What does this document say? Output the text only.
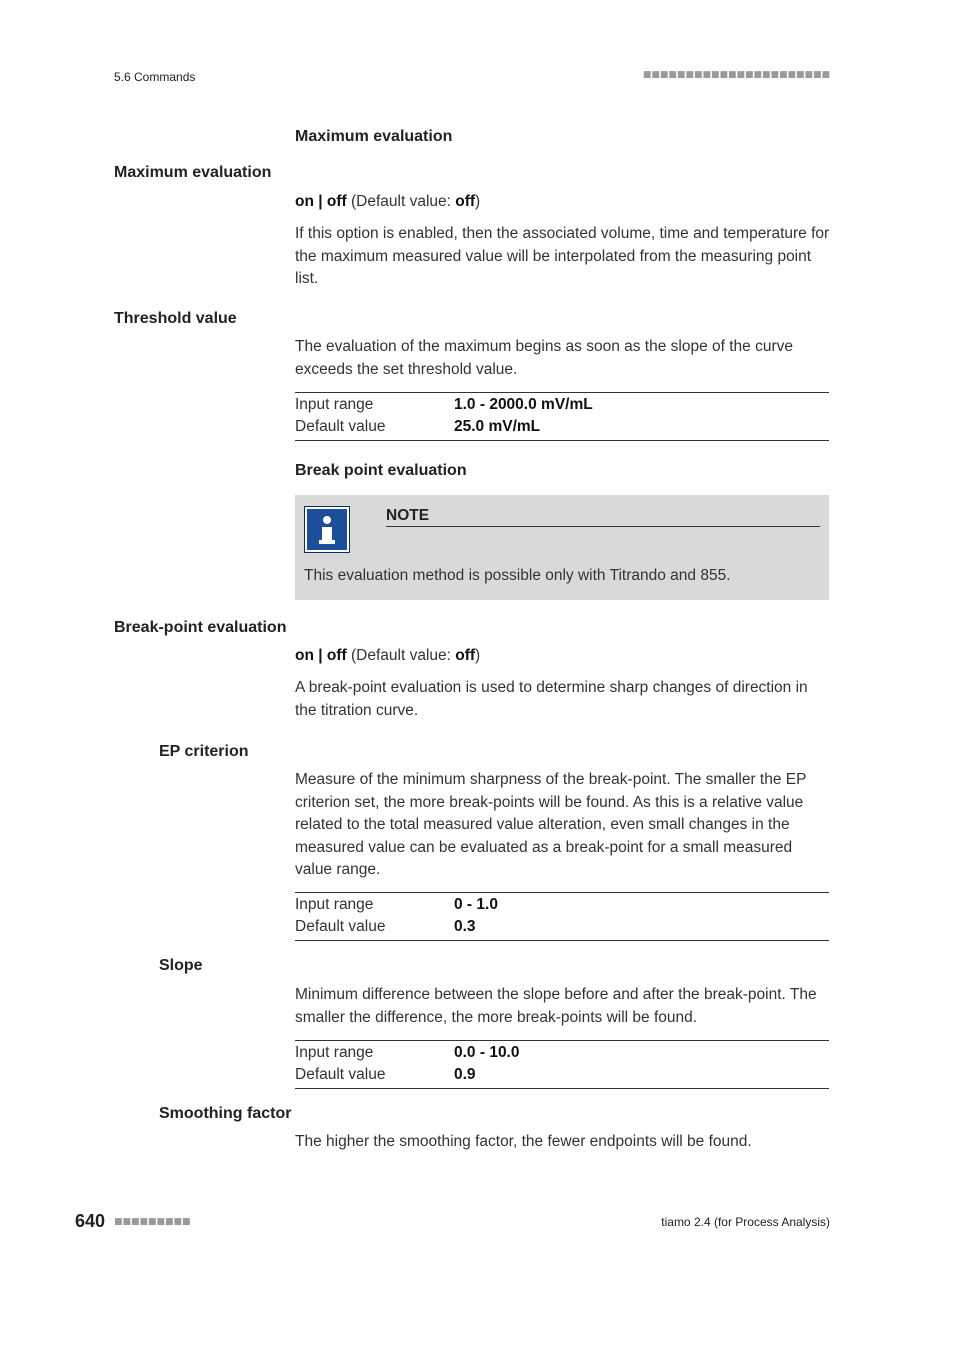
5.6 Commands	■■■■■■■■■■■■■■■■■■■■■■
Maximum evaluation
Maximum evaluation
on | off (Default value: off)
If this option is enabled, then the associated volume, time and temperature for the maximum measured value will be interpolated from the measuring point list.
Threshold value
The evaluation of the maximum begins as soon as the slope of the curve exceeds the set threshold value.
Input range	1.0 - 2000.0 mV/mL
Default value	25.0 mV/mL
Break point evaluation
NOTE
This evaluation method is possible only with Titrando and 855.
Break-point evaluation
on | off (Default value: off)
A break-point evaluation is used to determine sharp changes of direction in the titration curve.
EP criterion
Measure of the minimum sharpness of the break-point. The smaller the EP criterion set, the more break-points will be found. As this is a relative value related to the total measured value alteration, even small changes in the measured value can be evaluated as a break-point for a small measured value range.
Input range	0 - 1.0
Default value	0.3
Slope
Minimum difference between the slope before and after the break-point. The smaller the difference, the more break-points will be found.
Input range	0.0 - 10.0
Default value	0.9
Smoothing factor
The higher the smoothing factor, the fewer endpoints will be found.
640 ■■■■■■■■■	tiamo 2.4 (for Process Analysis)
